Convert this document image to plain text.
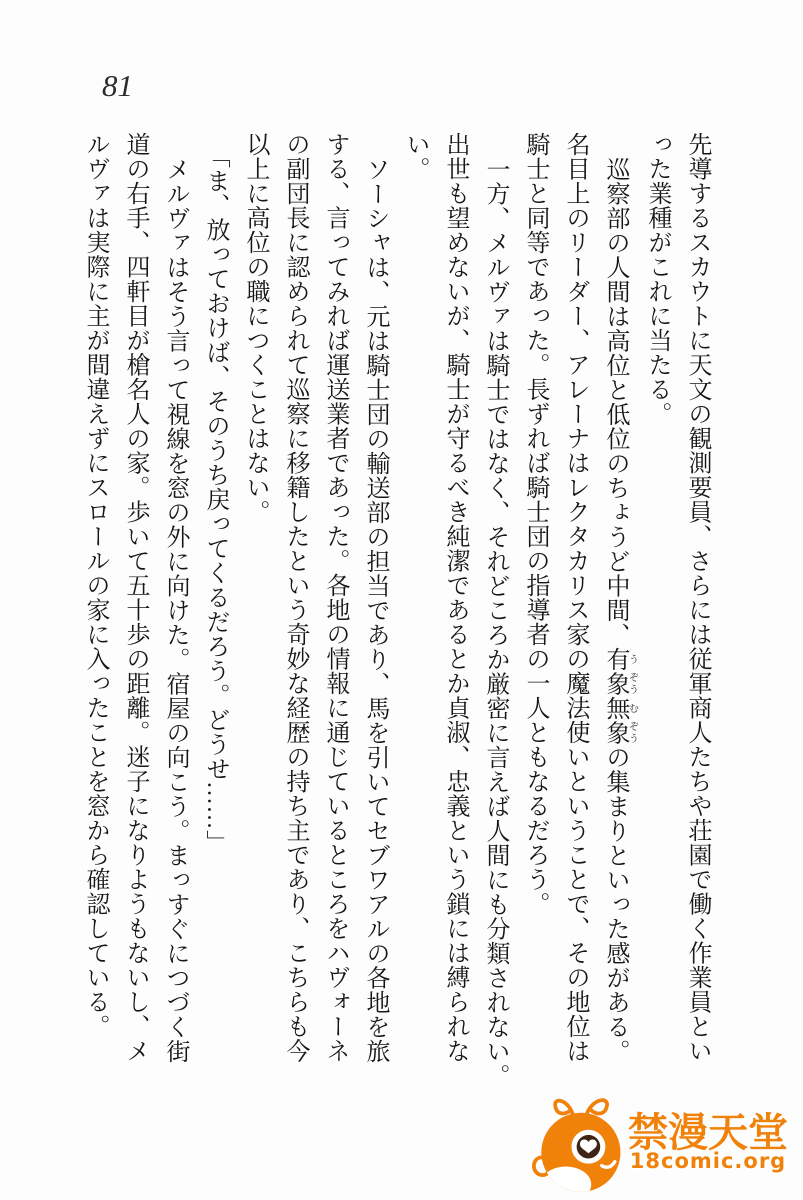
81
先導するスカウトに天文の観測要員、さらには従軍商人たちや荘園で働く作業員とい
った業種がこれに当たる。
巡察部の人間は高位と低位のちょうど中間、有う象ぞう無む象ぞうの集まりといった感がある。
名目上のリーダー、アレーナはレクタカリス家の魔法使いということで、その地位は
騎士と同等であった。長ずれば騎士団の指導者の一人ともなるだろう。
一方、メルヴァは騎士ではなく、それどころか厳密に言えば人間にも分類されない。
出世も望めないが、騎士が守るべき純潔であるとか貞淑、忠義という鎖には縛られな
い。
ソーシャは、元は騎士団の輸送部の担当であり、馬を引いてセブワアルの各地を旅
する、言ってみれば運送業者であった。各地の情報に通じているところをハヴォーネ
の副団長に認められて巡察に移籍したという奇妙な経歴の持ち主であり、こちらも今
以上に高位の職につくことはない。
「ま、放っておけば、そのうち戻ってくるだろう。どうせ……」
メルヴァはそう言って視線を窓の外に向けた。宿屋の向こう。まっすぐにつづく街
道の右手、四軒目が槍名人の家。歩いて五十歩の距離。迷子になりようもないし、メ
ルヴァは実際に主が間違えずにスロールの家に入ったことを窓から確認している。
禁漫天堂
18comic.org
